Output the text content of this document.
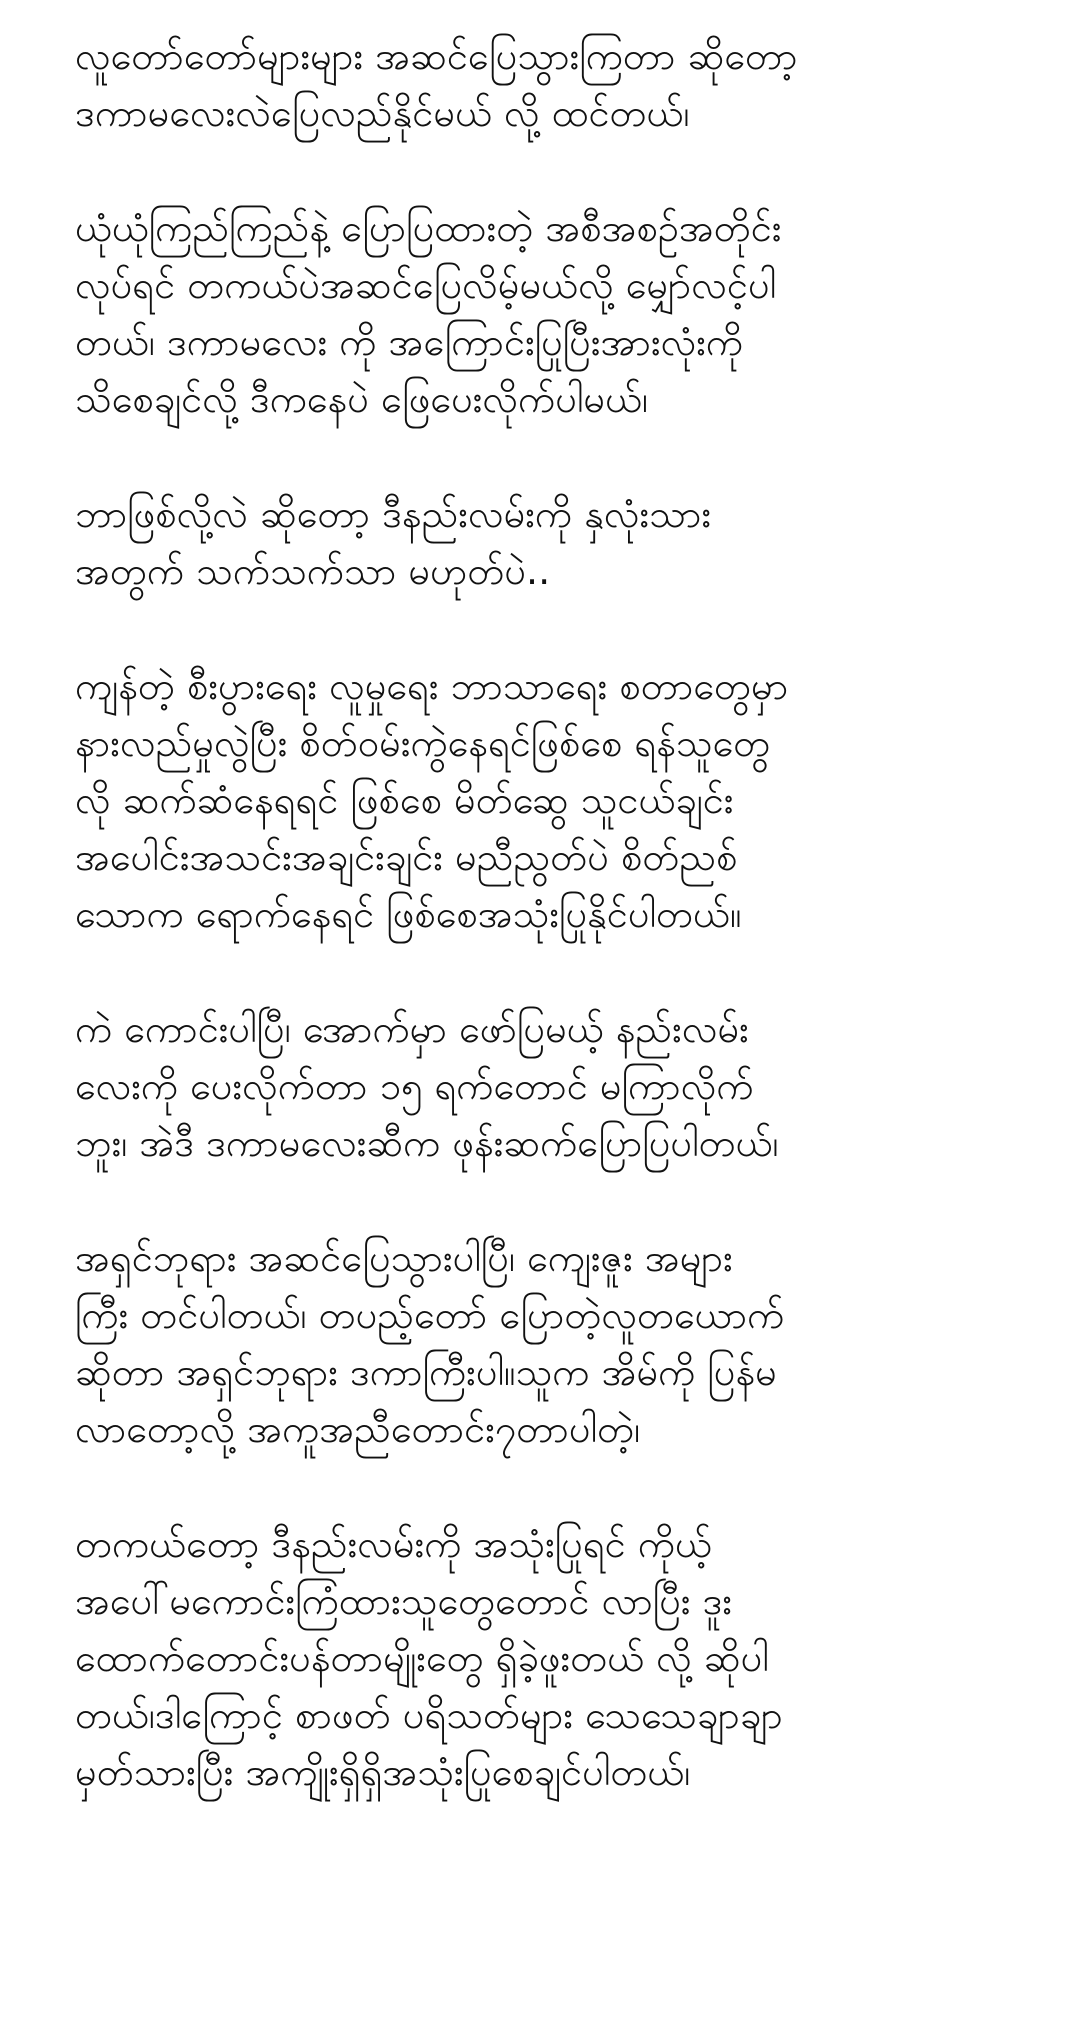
လူတော်တော်များများ အဆင်ပြေသွားကြတာ ဆိုတော့
ဒကာမလေးလဲပြေလည်နိုင်မယ် လို့ ထင်တယ်၊
ယုံယုံကြည်ကြည်နဲ့ ပြောပြထားတဲ့ အစီအစဉ်အတိုင်း
လုပ်ရင် တကယ်ပဲအဆင်ပြေလိမ့်မယ်လို့ မျှော်လင့်ပါ
တယ်၊ ဒကာမလေး ကို အကြောင်းပြုပြီးအားလုံးကို
သိစေချင်လို့ ဒီကနေပဲ ဖြေပေးလိုက်ပါမယ်၊
ဘာဖြစ်လို့လဲ ဆိုတော့ ဒီနည်းလမ်းကို နှလုံးသား
အတွက် သက်သက်သာ မဟုတ်ပဲ..
ကျန်တဲ့ စီးပွားရေး လူမှုရေး ဘာသာရေး စတာတွေမှာ
နားလည်မှုလွဲပြီး စိတ်ဝမ်းကွဲနေရင်ဖြစ်စေ ရန်သူတွေ
လို ဆက်ဆံနေရရင် ဖြစ်စေ မိတ်ဆွေ သူငယ်ချင်း
အပေါင်းအသင်းအချင်းချင်း မညီညွတ်ပဲ စိတ်ညစ်
သောက ရောက်နေရင် ဖြစ်စေအသုံးပြုနိုင်ပါတယ်။
ကဲ ကောင်းပါပြီ၊ အောက်မှာ ဖော်ပြမယ့် နည်းလမ်း
လေးကို ပေးလိုက်တာ ၁၅ ရက်တောင် မကြာလိုက်
ဘူး၊ အဲဒီ ဒကာမလေးဆီက ဖုန်းဆက်ပြောပြပါတယ်၊
အရှင်ဘုရား အဆင်ပြေသွားပါပြီ၊ ကျေးဇူး အများ
ကြီး တင်ပါတယ်၊ တပည့်တော် ပြောတဲ့လူတယောက်
ဆိုတာ အရှင်ဘုရား ဒကာကြီးပါ။သူက အိမ်ကို ပြန်မ
လာတော့လို့ အကူအညီတောင်း၇တာပါတဲ့၊
တကယ်တော့ ဒီနည်းလမ်းကို အသုံးပြုရင် ကိုယ့်
အပေါ်မကောင်းကြံထားသူတွေတောင် လာပြီး ဒူး
ထောက်တောင်းပန်တာမျိုးတွေ ရှိခဲ့ဖူးတယ် လို့ ဆိုပါ
တယ်၊ဒါကြောင့် စာဖတ် ပရိသတ်များ သေသေချာချာ
မှတ်သားပြီး အကျိုးရှိရှိအသုံးပြုစေချင်ပါတယ်၊
